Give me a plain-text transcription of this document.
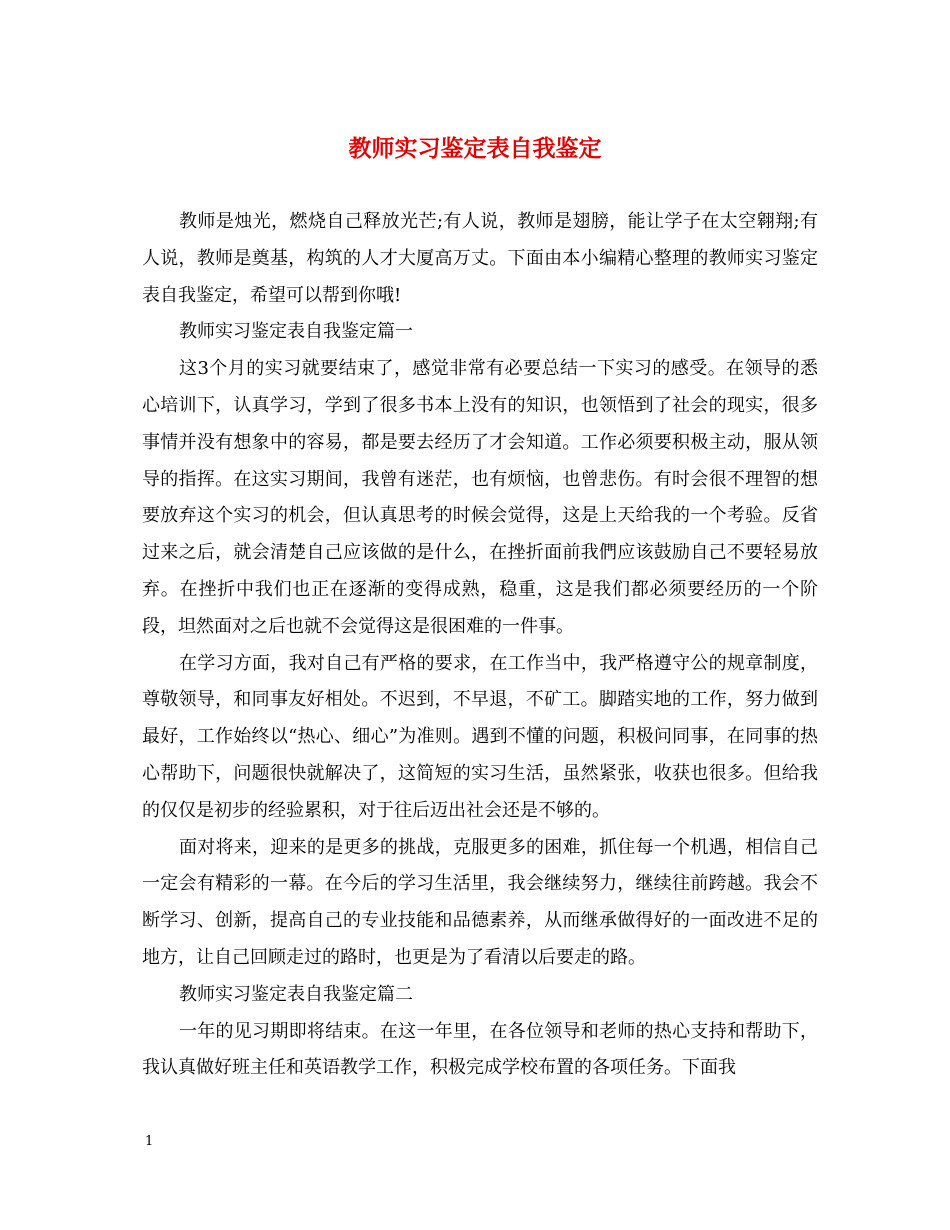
教师实习鉴定表自我鉴定

教师是烛光，燃烧自己释放光芒;有人说，教师是翅膀，能让学子在太空翱翔;有人说，教师是奠基，构筑的人才大厦高万丈。下面由本小编精心整理的教师实习鉴定表自我鉴定，希望可以帮到你哦!

教师实习鉴定表自我鉴定篇一

这3个月的实习就要结束了，感觉非常有必要总结一下实习的感受。在领导的悉心培训下，认真学习，学到了很多书本上没有的知识，也领悟到了社会的现实，很多事情并没有想象中的容易，都是要去经历了才会知道。工作必须要积极主动，服从领导的指挥。在这实习期间，我曾有迷茫，也有烦恼，也曾悲伤。有时会很不理智的想要放弃这个实习的机会，但认真思考的时候会觉得，这是上天给我的一个考验。反省过来之后，就会清楚自己应该做的是什么，在挫折面前我們应该鼓励自己不要轻易放弃。在挫折中我们也正在逐渐的变得成熟，稳重，这是我们都必须要经历的一个阶段，坦然面对之后也就不会觉得这是很困难的一件事。

在学习方面，我对自己有严格的要求，在工作当中，我严格遵守公的规章制度，尊敬领导，和同事友好相处。不迟到，不早退，不矿工。脚踏实地的工作，努力做到最好，工作始终以“热心、细心”为准则。遇到不懂的问题，积极问同事，在同事的热心帮助下，问题很快就解决了，这简短的实习生活，虽然紧张，收获也很多。但给我的仅仅是初步的经验累积，对于往后迈出社会还是不够的。

面对将来，迎来的是更多的挑战，克服更多的困难，抓住每一个机遇，相信自己一定会有精彩的一幕。在今后的学习生活里，我会继续努力，继续往前跨越。我会不断学习、创新，提高自己的专业技能和品德素养，从而继承做得好的一面改进不足的地方，让自己回顾走过的路时，也更是为了看清以后要走的路。

教师实习鉴定表自我鉴定篇二

一年的见习期即将结束。在这一年里，在各位领导和老师的热心支持和帮助下，我认真做好班主任和英语教学工作，积极完成学校布置的各项任务。下面我

1
